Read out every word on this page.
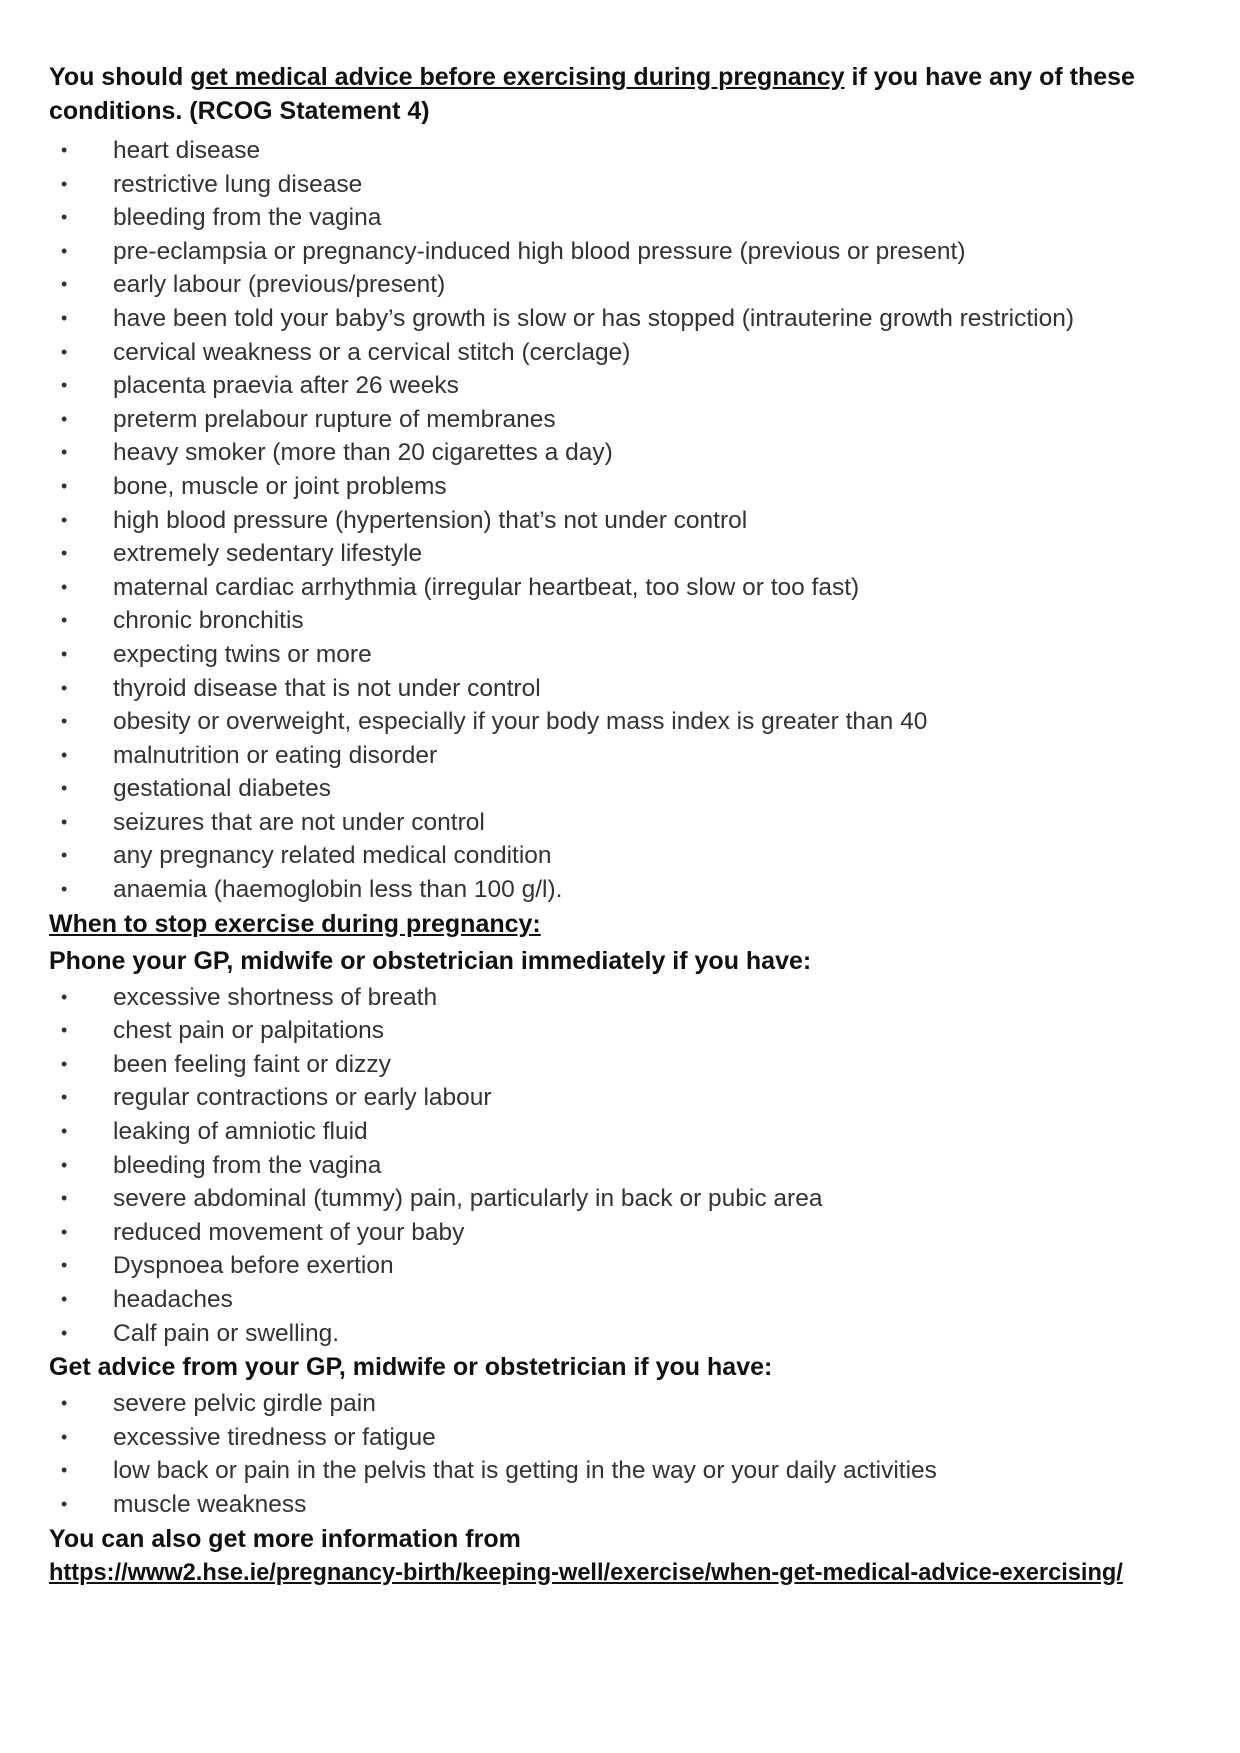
You should get medical advice before exercising during pregnancy if you have any of these conditions. (RCOG Statement 4)

• heart disease
• restrictive lung disease
• bleeding from the vagina
• pre-eclampsia or pregnancy-induced high blood pressure (previous or present)
• early labour (previous/present)
• have been told your baby’s growth is slow or has stopped (intrauterine growth restriction)
• cervical weakness or a cervical stitch (cerclage)
• placenta praevia after 26 weeks
• preterm prelabour rupture of membranes
• heavy smoker (more than 20 cigarettes a day)
• bone, muscle or joint problems
• high blood pressure (hypertension) that’s not under control
• extremely sedentary lifestyle
• maternal cardiac arrhythmia (irregular heartbeat, too slow or too fast)
• chronic bronchitis
• expecting twins or more
• thyroid disease that is not under control
• obesity or overweight, especially if your body mass index is greater than 40
• malnutrition or eating disorder
• gestational diabetes
• seizures that are not under control
• any pregnancy related medical condition
• anaemia (haemoglobin less than 100 g/l).

When to stop exercise during pregnancy:

Phone your GP, midwife or obstetrician immediately if you have:

• excessive shortness of breath
• chest pain or palpitations
• been feeling faint or dizzy
• regular contractions or early labour
• leaking of amniotic fluid
• bleeding from the vagina
• severe abdominal (tummy) pain, particularly in back or pubic area
• reduced movement of your baby
• Dyspnoea before exertion
• headaches
• Calf pain or swelling.

Get advice from your GP, midwife or obstetrician if you have:

• severe pelvic girdle pain
• excessive tiredness or fatigue
• low back or pain in the pelvis that is getting in the way or your daily activities
• muscle weakness

You can also get more information from

https://www2.hse.ie/pregnancy-birth/keeping-well/exercise/when-get-medical-advice-exercising/
